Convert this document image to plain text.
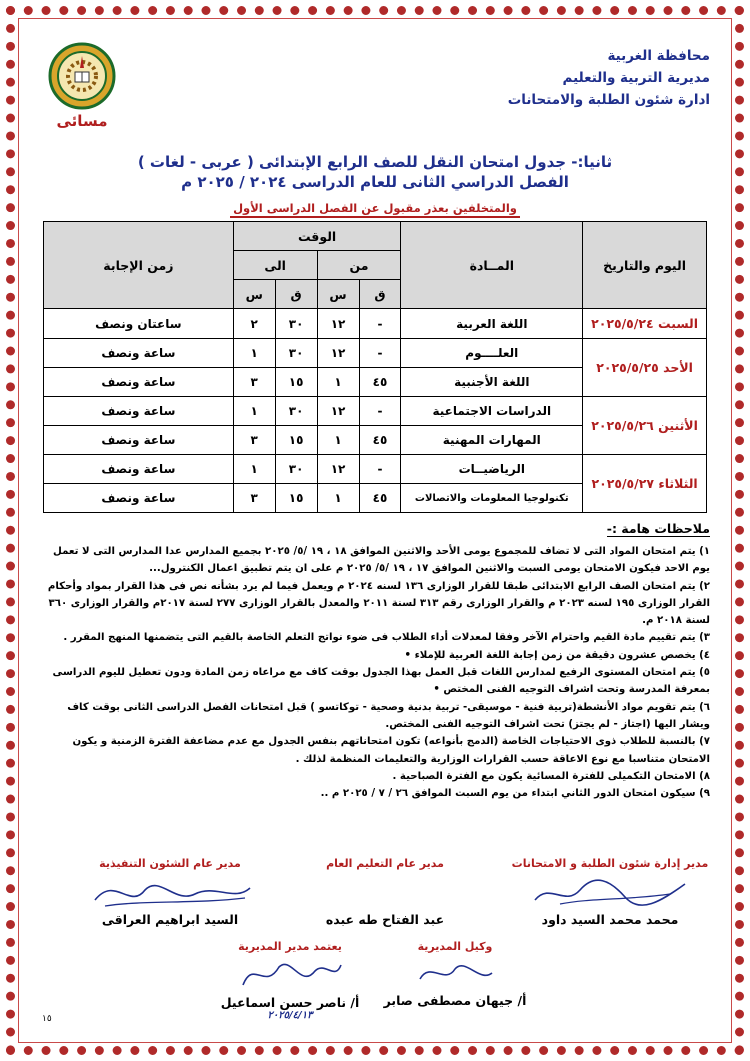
محافظة الغربية
مديرية التربية والتعليم
ادارة شئون الطلبة والامتحانات
مسائى
ثانيا:- جدول امتحان النقل للصف الرابع الإبتدائى ( عربى - لغات )
الفصل الدراسي الثانى للعام الدراسى ٢٠٢٤ / ٢٠٢٥ م
والمتخلفين بعذر مقبول عن الفصل الدراسى الأول
اليوم والتاريخ	المــادة	الوقت				زمن الإجابة
		من		الى		
		ق	س	ق	س	
السبت ٢٠٢٥/٥/٢٤	اللغة العربية	-	١٢	٣٠	٢	ساعتان ونصف
الأحد ٢٠٢٥/٥/٢٥	العلــــوم	-	١٢	٣٠	١	ساعة ونصف
	اللغة الأجنبية	٤٥	١	١٥	٣	ساعة ونصف
الأثنين ٢٠٢٥/٥/٢٦	الدراسات الاجتماعية	-	١٢	٣٠	١	ساعة ونصف
	المهارات المهنية	٤٥	١	١٥	٣	ساعة ونصف
الثلاثاء ٢٠٢٥/٥/٢٧	الرياضيــات	-	١٢	٣٠	١	ساعة ونصف
	تكنولوجيا المعلومات والاتصالات	٤٥	١	١٥	٣	ساعة ونصف
ملاحظات هامة :-

١) يتم امتحان المواد التى لا تضاف للمجموع يومى الأحد والاثنين الموافق ١٨ ، ١٩ /٥/ ٢٠٢٥ بجميع المدارس عدا المدارس التى لا تعمل يوم الاحد فيكون الامتحان يومى السبت والاثنين الموافق ١٧ ، ١٩ /٥/ ٢٠٢٥ م على ان يتم تطبيق اعمال الكنترول...

٢) يتم امتحان الصف الرابع الابتدائى طبقا للقرار الوزارى ١٣٦ لسنه ٢٠٢٤ م ويعمل فيما لم يرد بشأنه نص فى هذا القرار بمواد وأحكام القرار الوزارى ١٩٥ لسنه ٢٠٢٣ م والقرار الوزارى رقم ٣١٣ لسنة ٢٠١١ والمعدل بالقرار الوزارى ٢٧٧ لسنة ٢٠١٧م والقرار الوزارى ٣٦٠ لسنة ٢٠١٨ م.

٣) يتم تقييم مادة القيم واحترام الآخر وفقا لمعدلات أداء الطلاب فى ضوء نواتج التعلم الخاصة بالقيم التى يتضمنها المنهج المقرر .

٤) يخصص عشرون دقيقة من زمن إجابة اللغة العربية للإملاء •

٥) يتم امتحان المستوى الرفيع لمدارس اللغات قبل العمل بهذا الجدول بوقت كاف مع مراعاه زمن المادة ودون تعطيل لليوم الدراسى بمعرفة المدرسة وتحت اشراف التوجيه الفنى المختص •

٦) يتم تقويم مواد الأنشطة(تربية فنية - موسيقى- تربية بدنية وصحية - توكاتسو ) قبل امتحانات الفصل الدراسى الثانى بوقت كاف ويشار اليها (اجتاز - لم يجتز) تحت اشراف التوجيه الفنى المختص.

٧) بالنسبة للطلاب ذوى الاحتياجات الخاصة (الدمج بأنواعه) تكون امتحاناتهم بنفس الجدول مع عدم مضاعفة الفترة الزمنية و يكون الامتحان متناسبا مع نوع الاعاقة حسب القرارات الوزارية والتعليمات المنظمة لذلك .

٨) الامتحان التكميلى للفترة المسائية يكون مع الفترة الصباحية .

٩) سيكون امتحان الدور الثاني ابتداء من يوم السبت الموافق ٢٦ / ٧ / ٢٠٢٥ م ..

مدير إدارة شئون الطلبة و الامتحانات
محمد محمد السيد داود
مدير عام التعليم العام
عبد الفتاح طه عبده
مدير عام الشئون التنفيذية
السيد ابراهيم العراقى
وكيل المديرية
أ/ جيهان مصطفى صابر
يعتمد مدير المديرية
أ/ ناصر حسن اسماعيل
٢٠٢٥/٤/١٣
١٥
